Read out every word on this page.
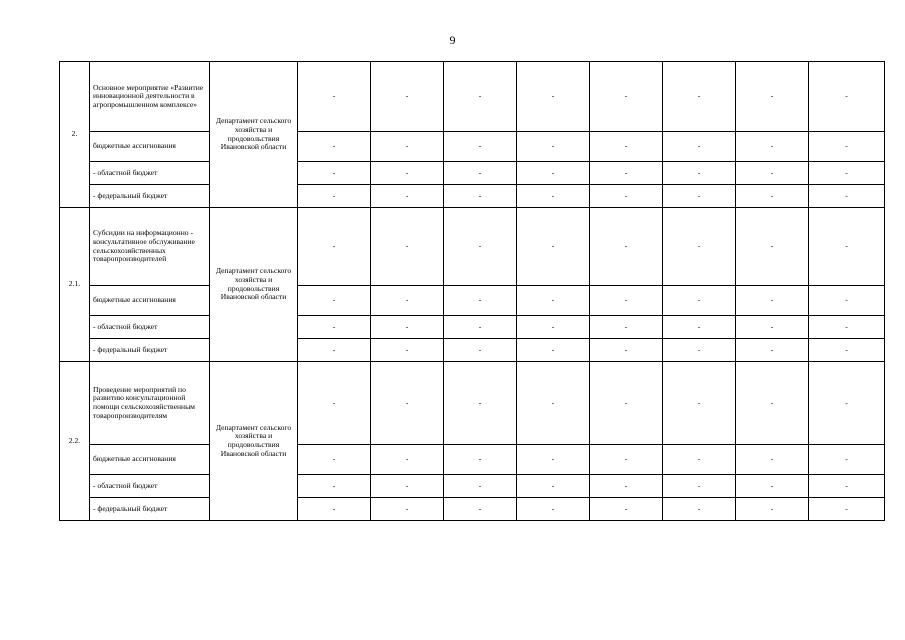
9
2.	Основное мероприятие «Развитие инновационной деятельности в агропромышленном комплексе»	Департамент сельского хозяйства и продовольствия Ивановской области	-	-	-	-	-	-	-	-
	бюджетные ассигнования		-	-	-	-	-	-	-	-
	- областной бюджет		-	-	-	-	-	-	-	-
	- федеральный бюджет		-	-	-	-	-	-	-	-
2.1.	Субсидии на информационно - консультативное обслуживание сельскохозяйственных товаропроизводителей	Департамент сельского хозяйства и продовольствия Ивановской области	-	-	-	-	-	-	-	-
	бюджетные ассигнования		-	-	-	-	-	-	-	-
	- областной бюджет		-	-	-	-	-	-	-	-
	- федеральный бюджет		-	-	-	-	-	-	-	-
2.2.	Проведение мероприятий по развитию консультационной помощи сельскохозяйственным товаропроизводителям	Департамент сельского хозяйства и продовольствия Ивановской области	-	-	-	-	-	-	-	-
	бюджетные ассигнования		-	-	-	-	-	-	-	-
	- областной бюджет		-	-	-	-	-	-	-	-
	- федеральный бюджет		-	-	-	-	-	-	-	-
